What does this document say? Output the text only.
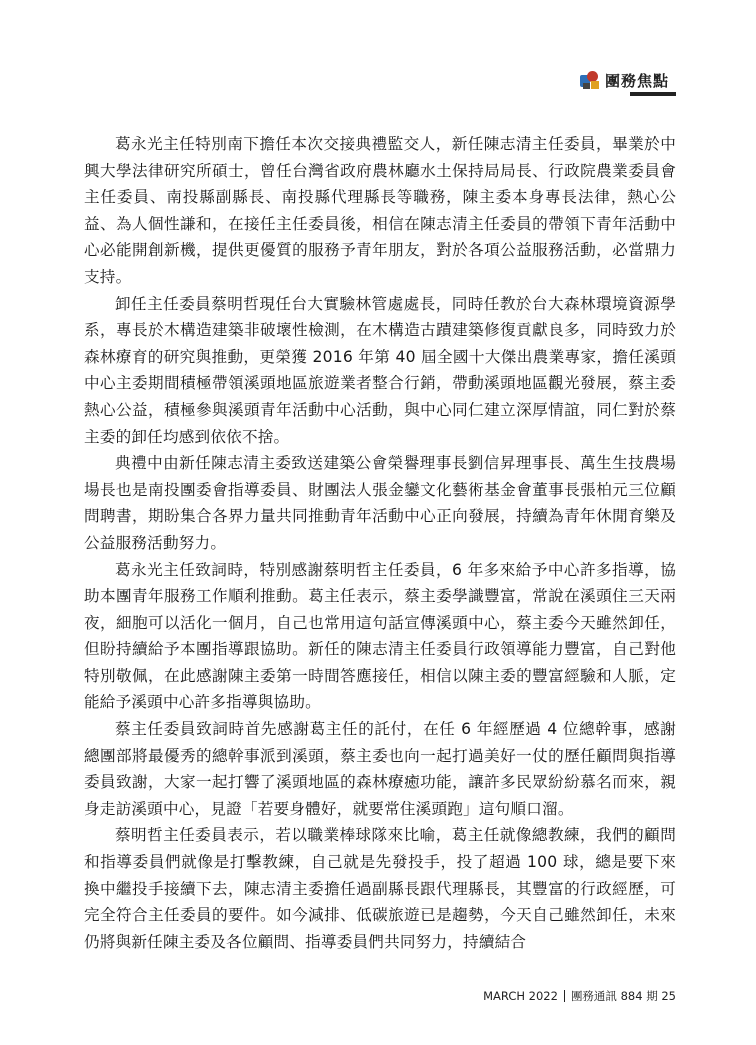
團務焦點

葛永光主任特別南下擔任本次交接典禮監交人，新任陳志清主任委員，畢業於中興大學法律研究所碩士，曾任台灣省政府農林廳水土保持局局長、行政院農業委員會主任委員、南投縣副縣長、南投縣代理縣長等職務，陳主委本身專長法律，熱心公益、為人個性謙和，在接任主任委員後，相信在陳志清主任委員的帶領下青年活動中心必能開創新機，提供更優質的服務予青年朋友，對於各項公益服務活動，必當鼎力支持。

卸任主任委員蔡明哲現任台大實驗林管處處長，同時任教於台大森林環境資源學系，專長於木構造建築非破壞性檢測，在木構造古蹟建築修復貢獻良多，同時致力於森林療育的研究與推動，更榮獲 2016 年第 40 屆全國十大傑出農業專家，擔任溪頭中心主委期間積極帶領溪頭地區旅遊業者整合行銷，帶動溪頭地區觀光發展，蔡主委熱心公益，積極參與溪頭青年活動中心活動，與中心同仁建立深厚情誼，同仁對於蔡主委的卸任均感到依依不捨。

典禮中由新任陳志清主委致送建築公會榮譽理事長劉信昇理事長、萬生生技農場場長也是南投團委會指導委員、財團法人張金鑾文化藝術基金會董事長張柏元三位顧問聘書，期盼集合各界力量共同推動青年活動中心正向發展，持續為青年休閒育樂及公益服務活動努力。

葛永光主任致詞時，特別感謝蔡明哲主任委員，6 年多來給予中心許多指導，協助本團青年服務工作順利推動。葛主任表示，蔡主委學識豐富，常說在溪頭住三天兩夜，細胞可以活化一個月，自己也常用這句話宣傳溪頭中心，蔡主委今天雖然卸任，但盼持續給予本團指導跟協助。新任的陳志清主任委員行政領導能力豐富，自己對他特別敬佩，在此感謝陳主委第一時間答應接任，相信以陳主委的豐富經驗和人脈，定能給予溪頭中心許多指導與協助。

蔡主任委員致詞時首先感謝葛主任的託付，在任 6 年經歷過 4 位總幹事，感謝總團部將最優秀的總幹事派到溪頭，蔡主委也向一起打過美好一仗的歷任顧問與指導委員致謝，大家一起打響了溪頭地區的森林療癒功能，讓許多民眾紛紛慕名而來，親身走訪溪頭中心，見證「若要身體好，就要常住溪頭跑」這句順口溜。

蔡明哲主任委員表示，若以職業棒球隊來比喻，葛主任就像總教練，我們的顧問和指導委員們就像是打擊教練，自己就是先發投手，投了超過 100 球，總是要下來換中繼投手接續下去，陳志清主委擔任過副縣長跟代理縣長，其豐富的行政經歷，可完全符合主任委員的要件。如今減排、低碳旅遊已是趨勢，今天自己雖然卸任，未來仍將與新任陳主委及各位顧問、指導委員們共同努力，持續結合

MARCH 2022 團務通訊 884 期 25
